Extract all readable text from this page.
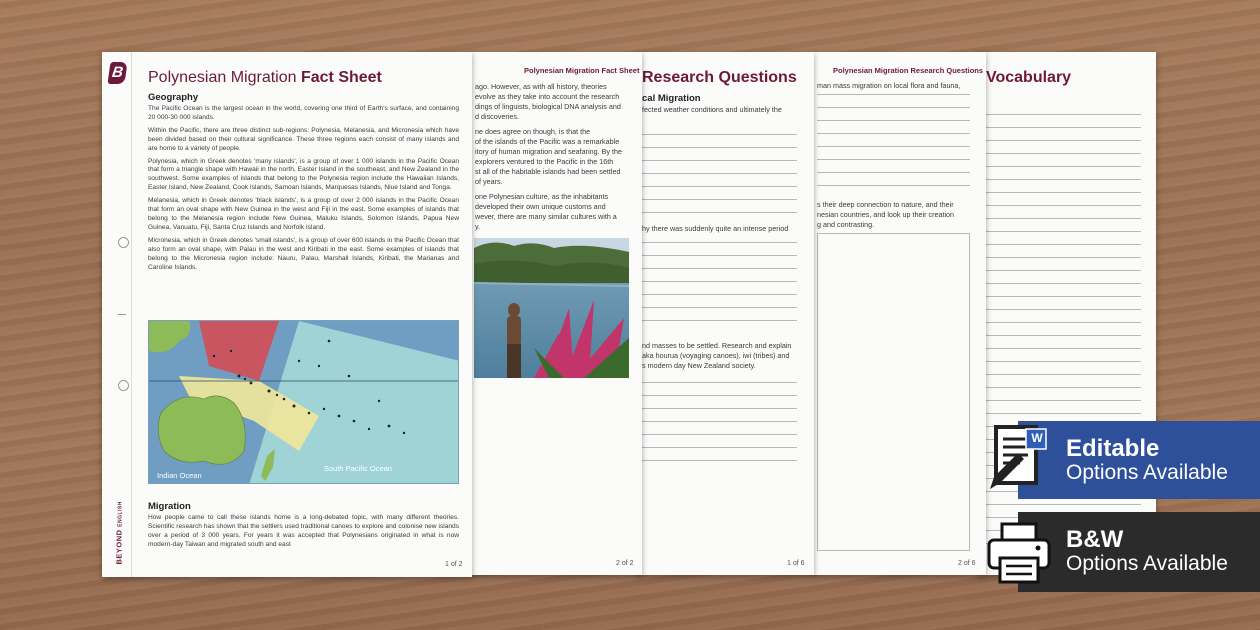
Vocabulary
Polynesian Migration Research Questions
man mass migration on local flora and fauna,
s their deep connection to nature, and their
nesian countries, and look up their creation
g and contrasting.
2 of 6
Research Questions
cal Migration
fected weather conditions and ultimately the
hy there was suddenly quite an intense period
nd masses to be settled. Research and explain
aka hourua (voyaging canoes), iwi (tribes) and
s modern day New Zealand society.
1 of 6
Polynesian Migration Fact Sheet
ago. However, as with all history, theories
evolve as they take into account the research
dings of linguists, biological DNA analysis and
d discoveries.
ne does agree on though, is that the
of the islands of the Pacific was a remarkable
itory of human migration and seafaring. By the
explorers ventured to the Pacific in the 16th
st all of the habitable islands had been settled
of years.
one Polynesian culture, as the inhabitants
developed their own unique customs and
wever, there are many similar cultures with a
y.
2 of 2
B
BEYOND ENGLISH
Polynesian Migration Fact Sheet
Geography

The Pacific Ocean is the largest ocean in the world, covering one third of Earth's surface, and containing 20 000-30 000 islands.

Within the Pacific, there are three distinct sub-regions: Polynesia, Melanesia, and Micronesia which have been divided based on their cultural significance. These three regions each consist of many islands and are home to a variety of people.

Polynesia, which in Greek denotes 'many islands', is a group of over 1 000 islands in the Pacific Ocean that form a triangle shape with Hawaii in the north, Easter Island in the southeast, and New Zealand in the southwest. Some examples of islands that belong to the Polynesia region include the Hawaiian Islands, Easter Island, New Zealand, Cook Islands, Samoan Islands, Marquesas Islands, Niue Island and Tonga.

Melanesia, which in Greek denotes 'black islands', is a group of over 2 000 islands in the Pacific Ocean that form an oval shape with New Guinea in the west and Fiji in the east. Some examples of islands that belong to the Melanesia region include New Guinea, Maluku Islands, Solomon Islands, Papua New Guinea, Vanuatu, Fiji, Santa Cruz Islands and Norfolk Island.

Micronesia, which in Greek denotes 'small islands', is a group of over 600 islands in the Pacific Ocean that also form an oval shape, with Palau in the west and Kiribati in the east. Some examples of islands that belong to the Micronesia region include: Nauru, Palau, Marshall Islands, Kiribati, the Marianas and Caroline Islands.

Indian Ocean
South Pacific Ocean
Migration
How people came to call these islands home is a long-debated topic, with many different theories. Scientific research has shown that the settlers used traditional canoes to explore and colonise new islands over a period of 3 000 years. For years it was accepted that Polynesians originated in what is now modern-day Taiwan and migrated south and east
1 of 2
Editable
Options Available
W
B&W
Options Available
